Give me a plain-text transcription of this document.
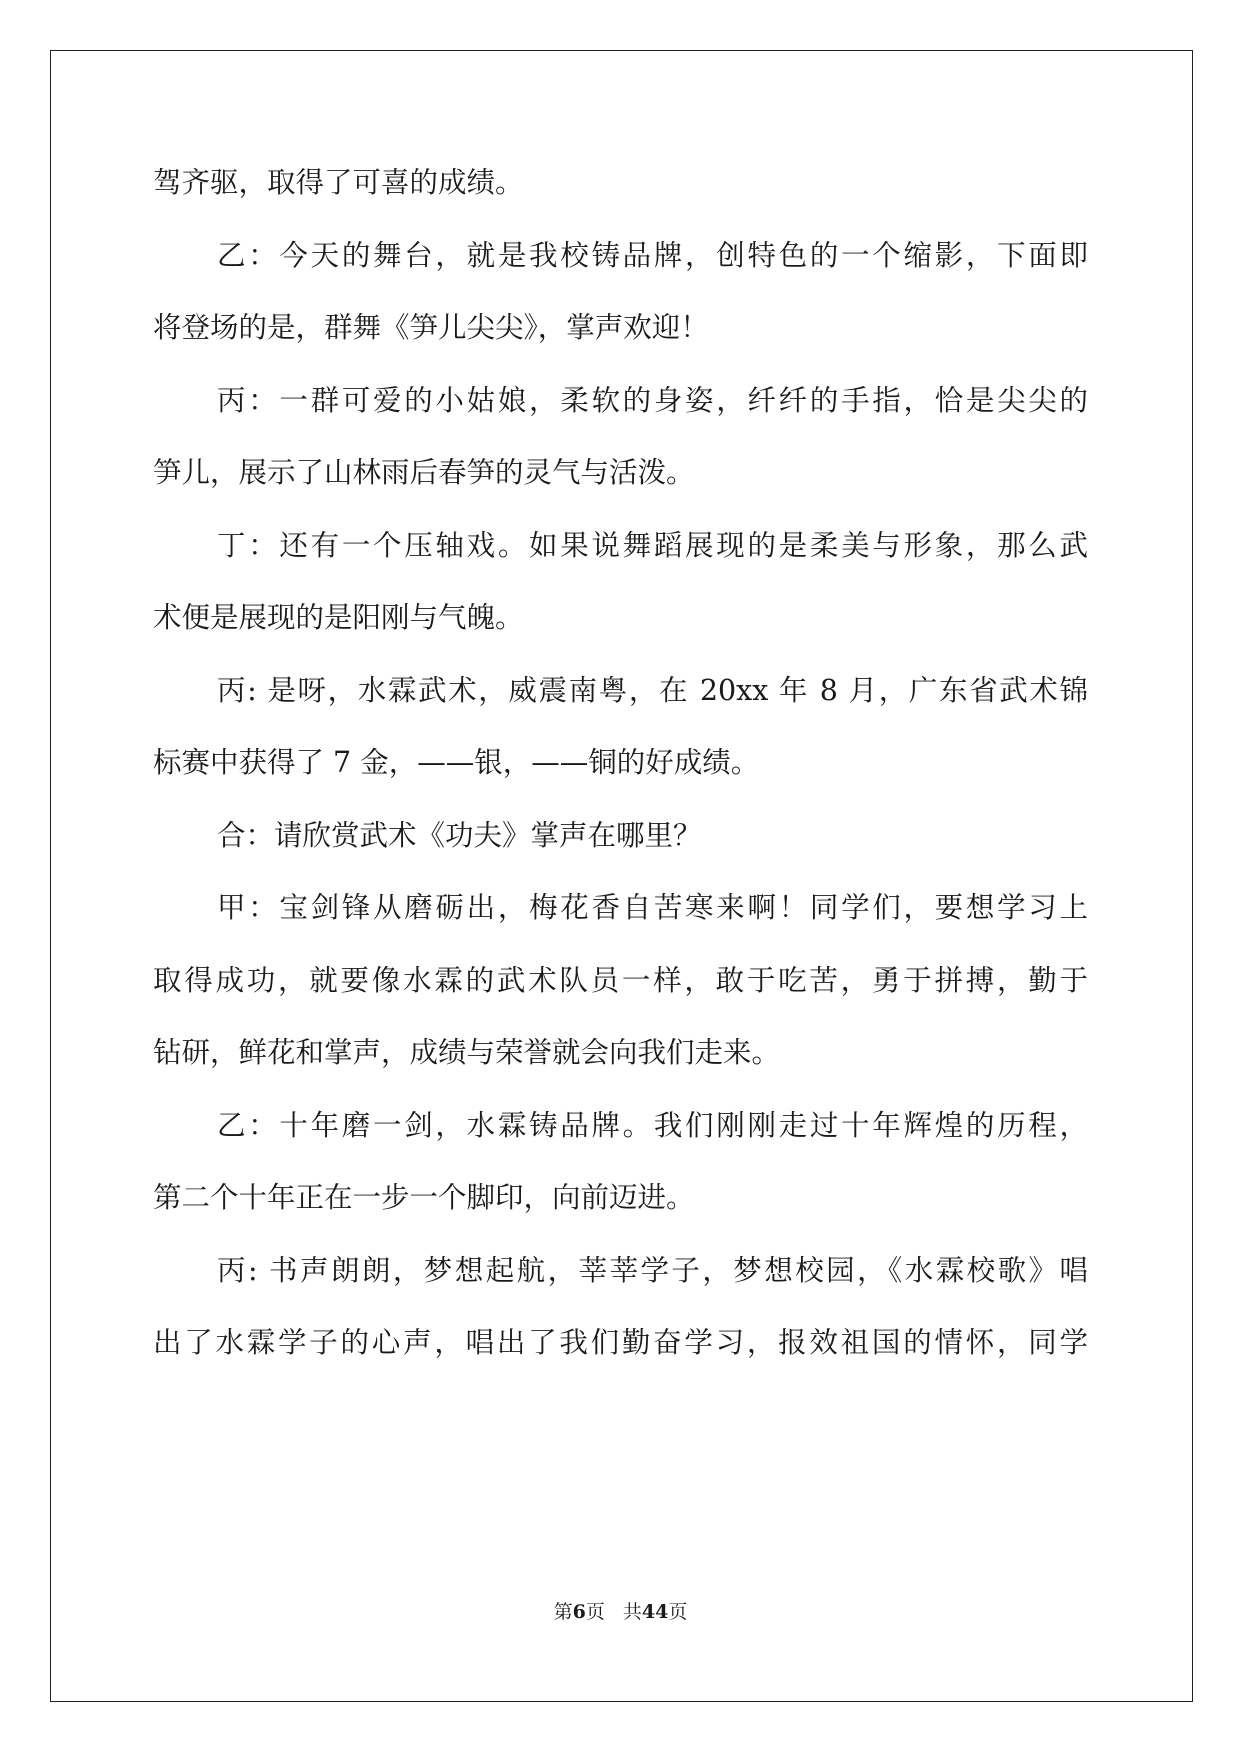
驾齐驱，取得了可喜的成绩。
乙：今天的舞台，就是我校铸品牌，创特色的一个缩影，下面即
将登场的是，群舞《笋儿尖尖》，掌声欢迎！
丙：一群可爱的小姑娘，柔软的身姿，纤纤的手指，恰是尖尖的
笋儿，展示了山林雨后春笋的灵气与活泼。
丁：还有一个压轴戏。如果说舞蹈展现的是柔美与形象，那么武
术便是展现的是阳刚与气魄。
丙: 是呀，水霖武术，威震南粤，在 20xx 年 8 月，广东省武术锦
标赛中获得了 7 金，——银，——铜的好成绩。
合：请欣赏武术《功夫》掌声在哪里？
甲：宝剑锋从磨砺出，梅花香自苦寒来啊！同学们，要想学习上
取得成功，就要像水霖的武术队员一样，敢于吃苦，勇于拼搏，勤于
钻研，鲜花和掌声，成绩与荣誉就会向我们走来。
乙：十年磨一剑，水霖铸品牌。我们刚刚走过十年辉煌的历程，
第二个十年正在一步一个脚印，向前迈进。
丙: 书声朗朗，梦想起航，莘莘学子，梦想校园，《水霖校歌》唱
出了水霖学子的心声，唱出了我们勤奋学习，报效祖国的情怀，同学
第6页 共44页
